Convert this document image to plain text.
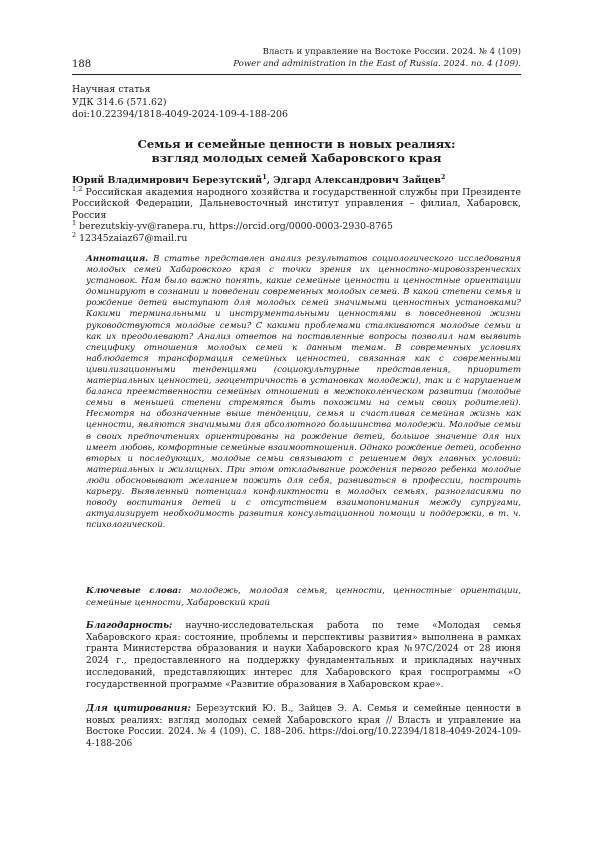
188
Власть и управление на Востоке России. 2024. № 4 (109)
Power and administration in the East of Russia. 2024. no. 4 (109).
Научная статья
УДК 314.6 (571.62)
doi:10.22394/1818-4049-2024-109-4-188-206
Семья и семейные ценности в новых реалиях:
взгляд молодых семей Хабаровского края
Юрий Владимирович Березутский$^1$, Эдгард Александрович Зайцев$^2$
$^{1,2}$ Российская академия народного хозяйства и государственной службы при Президенте Российской Федерации, Дальневосточный институт управления – филиал, Хабаровск, Россия
$^1$ berezutskiy-yv@ranepa.ru, https://orcid.org/0000-0003-2930-8765
$^2$ 12345zaiaz67@mail.ru
Аннотация. В статье представлен анализ результатов социологического исследования молодых семей Хабаровского края с точки зрения их ценностно-мировоззренческих установок. Нам было важно понять, какие семейные ценности и ценностные ориентации доминируют в сознании и поведении современных молодых семей. В какой степени семья и рождение детей выступают для молодых семей значимыми ценностных установками? Какими терминальными и инструментальными ценностями в повседневной жизни руководствуются молодые семьи? С какими проблемами сталкиваются молодые семьи и как их преодолевают? Анализ ответов на поставленные вопросы позволил нам выявить специфику отношения молодых семей к данным темам. В современных условиях наблюдается трансформация семейных ценностей, связанная как с современными цивилизационными тенденциями (социокультурные представления, приоритет материальных ценностей, эгоцентричность в установках молодежи), так и с нарушением баланса преемственности семейных отношений в межпоколенческом развитии (молодые семьи в меньшей степени стремятся быть похожими на семьи своих родителей). Несмотря на обозначенные выше тенденции, семья и счастливая семейная жизнь как ценности, являются значимыми для абсолютного большинства молодежи. Молодые семьи в своих предпочтениях ориентированы на рождение детей, большое значение для них имеет любовь, комфортные семейные взаимоотношения. Однако рождение детей, особенно вторых и последующих, молодые семьи связывают с решением двух главных условий: материальных и жилищных. При этом откладывание рождения первого ребенка молодые люди обосновывают желанием пожить для себя, развиваться в профессии, построить карьеру. Выявленный потенциал конфликтности в молодых семьях, разногласиями по поводу воспитания детей и с отсутствием взаимопонимания между супругами, актуализирует необходимость развития консультационной помощи и поддержки, в т. ч. психологической.
Ключевые слова: молодежь, молодая семья, ценности, ценностные ориентации, семейные ценности, Хабаровский край
Благодарность: научно-исследовательская работа по теме «Молодая семья Хабаровского края: состояние, проблемы и перспективы развития» выполнена в рамках гранта Министерства образования и науки Хабаровского края №97С/2024 от 28 июня 2024 г., предоставленного на поддержку фундаментальных и прикладных научных исследований, представляющих интерес для Хабаровского края госпрограммы «О государственной программе «Развитие образования в Хабаровском крае».
Для цитирования: Березутский Ю. В., Зайцев Э. А. Семья и семейные ценности в новых реалиях: взгляд молодых семей Хабаровского края // Власть и управление на Востоке России. 2024. № 4 (109). С. 188–206. https://doi.org/10.22394/1818-4049-2024-109-4-188-206
